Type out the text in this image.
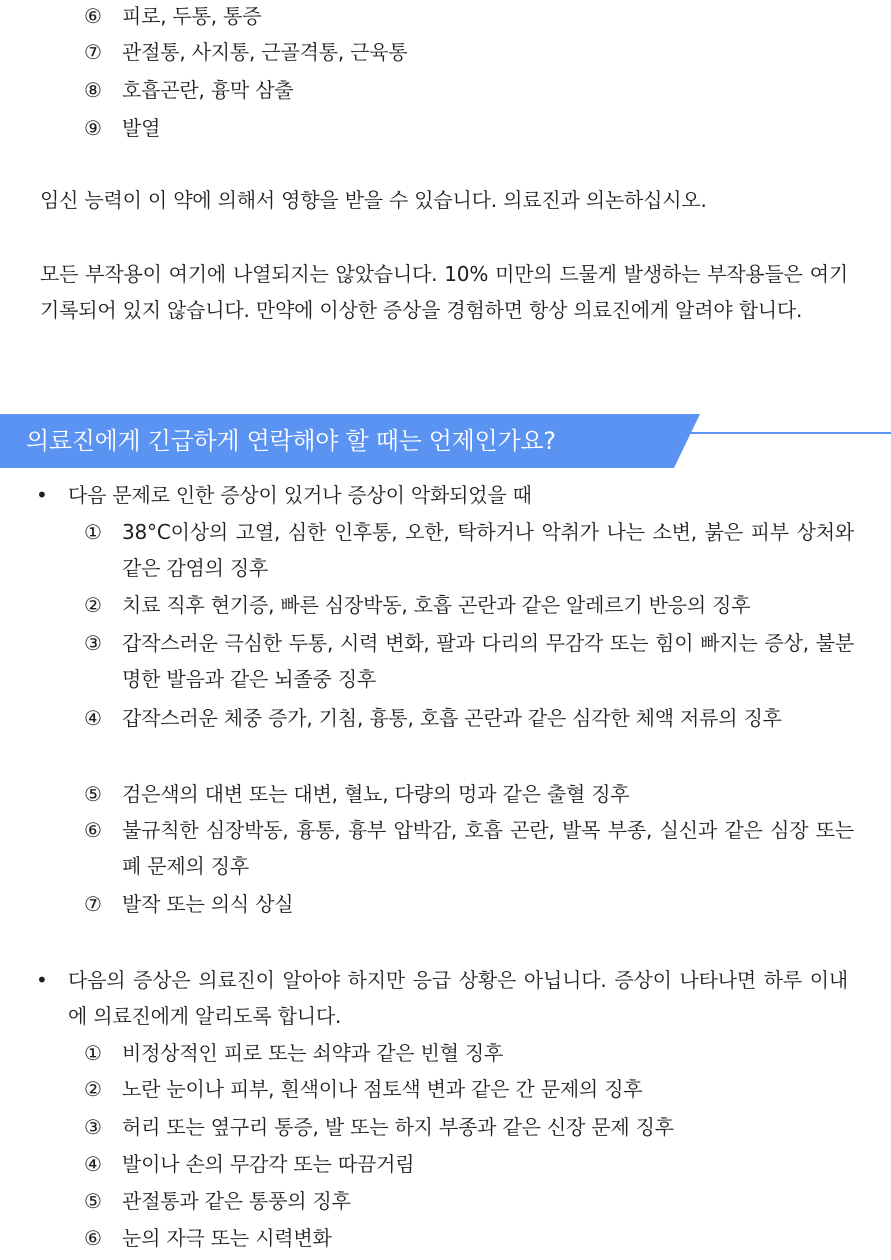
⑥	피로, 두통, 통증
⑦	관절통, 사지통, 근골격통, 근육통
⑧	호흡곤란, 흉막 삼출
⑨	발열
임신 능력이 이 약에 의해서 영향을 받을 수 있습니다. 의료진과 의논하십시오.
모든 부작용이 여기에 나열되지는 않았습니다. 10% 미만의 드물게 발생하는 부작용들은 여기 기록되어 있지 않습니다. 만약에 이상한 증상을 경험하면 항상 의료진에게 알려야 합니다.
의료진에게 긴급하게 연락해야 할 때는 언제인가요?
•	다음 문제로 인한 증상이 있거나 증상이 악화되었을 때
①	38°C이상의 고열, 심한 인후통, 오한, 탁하거나 악취가 나는 소변, 붉은 피부 상처와 같은 감염의 징후
②	치료 직후 현기증, 빠른 심장박동, 호흡 곤란과 같은 알레르기 반응의 징후
③	갑작스러운 극심한 두통, 시력 변화, 팔과 다리의 무감각 또는 힘이 빠지는 증상, 불분명한 발음과 같은 뇌졸중 징후
④	갑작스러운 체중 증가, 기침, 흉통, 호흡 곤란과 같은 심각한 체액 저류의 징후
⑤	검은색의 대변 또는 대변, 혈뇨, 다량의 멍과 같은 출혈 징후
⑥	불규칙한 심장박동, 흉통, 흉부 압박감, 호흡 곤란, 발목 부종, 실신과 같은 심장 또는 폐 문제의 징후
⑦	발작 또는 의식 상실
•	다음의 증상은 의료진이 알아야 하지만 응급 상황은 아닙니다. 증상이 나타나면 하루 이내에 의료진에게 알리도록 합니다.
①	비정상적인 피로 또는 쇠약과 같은 빈혈 징후
②	노란 눈이나 피부, 흰색이나 점토색 변과 같은 간 문제의 징후
③	허리 또는 옆구리 통증, 발 또는 하지 부종과 같은 신장 문제 징후
④	발이나 손의 무감각 또는 따끔거림
⑤	관절통과 같은 통풍의 징후
⑥	눈의 자극 또는 시력변화
